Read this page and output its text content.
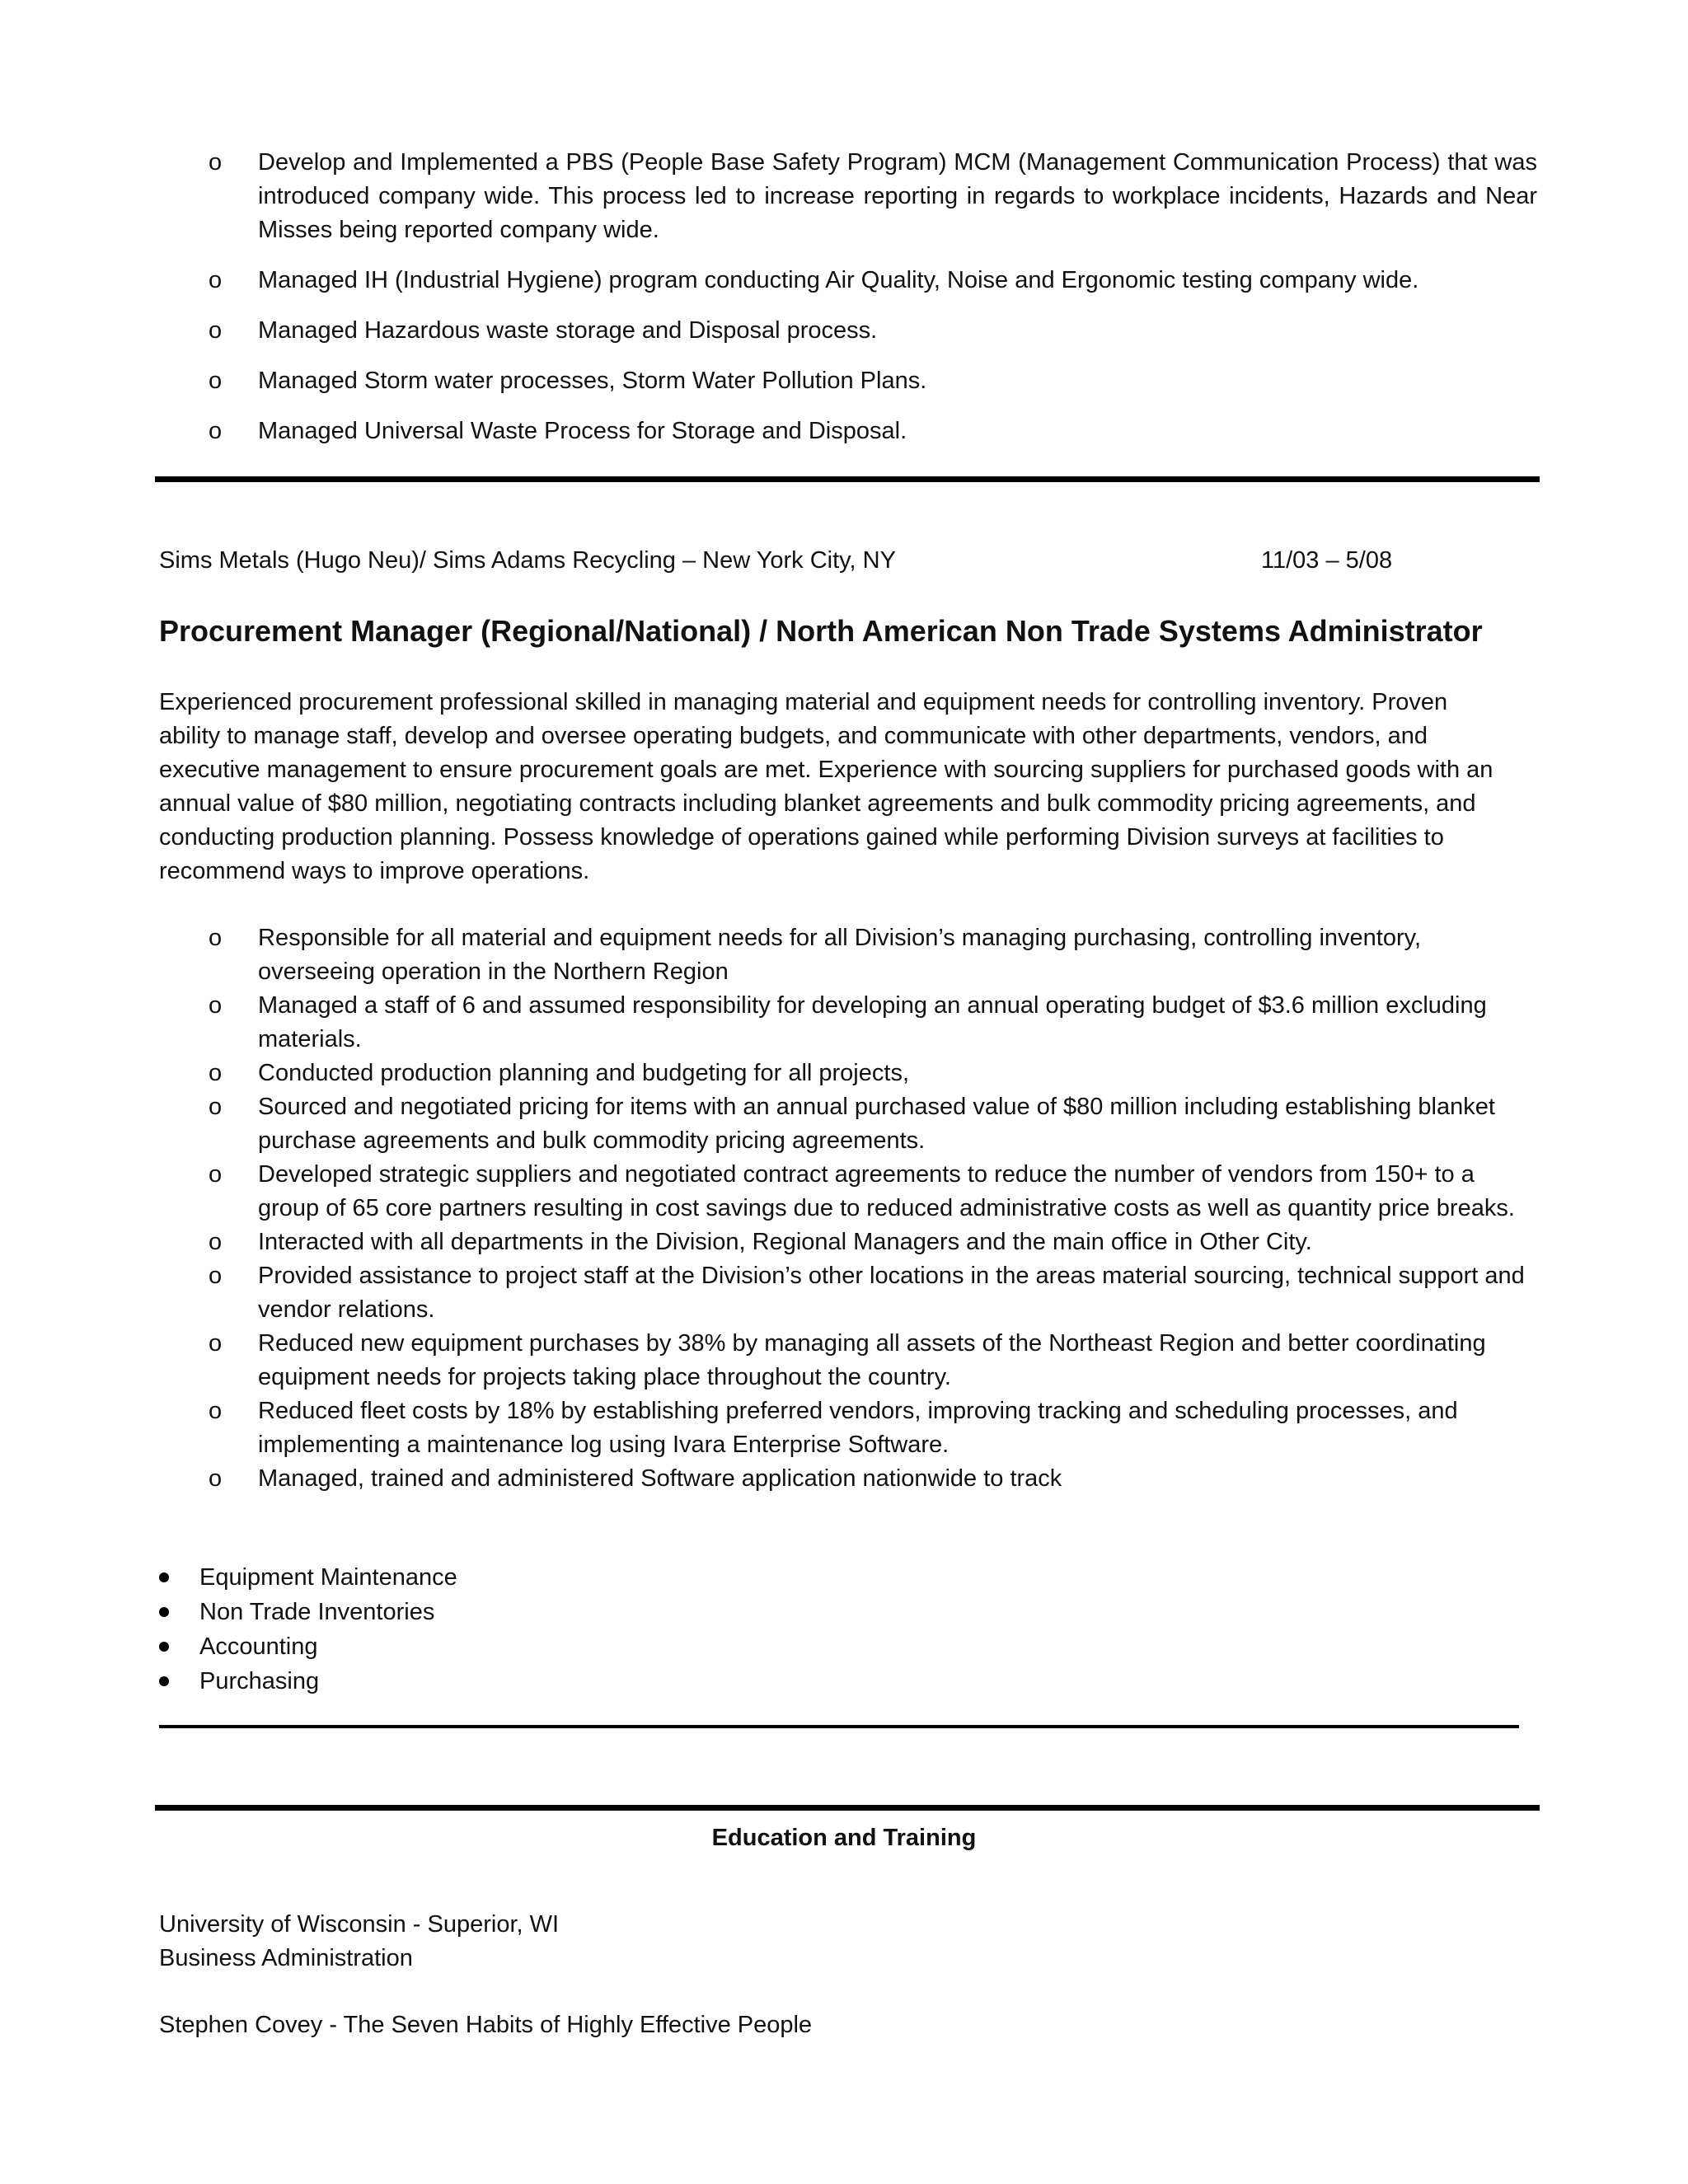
o	Develop and Implemented a PBS (People Base Safety Program) MCM (Management Communication Process) that was introduced company wide. This process led to increase reporting in regards to workplace incidents, Hazards and Near Misses being reported company wide.
o	Managed IH (Industrial Hygiene) program conducting Air Quality, Noise and Ergonomic testing company wide.
o	Managed Hazardous waste storage and Disposal process.
o	Managed Storm water processes, Storm Water Pollution Plans.
o	Managed Universal Waste Process for Storage and Disposal.
Sims Metals (Hugo Neu)/ Sims Adams Recycling – New York City, NY	11/03 – 5/08
Procurement Manager (Regional/National) / North American Non Trade Systems Administrator
Experienced procurement professional skilled in managing material and equipment needs for controlling inventory. Proven ability to manage staff, develop and oversee operating budgets, and communicate with other departments, vendors, and executive management to ensure procurement goals are met. Experience with sourcing suppliers for purchased goods with an annual value of $80 million, negotiating contracts including blanket agreements and bulk commodity pricing agreements, and conducting production planning. Possess knowledge of operations gained while performing Division surveys at facilities to recommend ways to improve operations.
o	Responsible for all material and equipment needs for all Division’s managing purchasing, controlling inventory, overseeing operation in the Northern Region
o	Managed a staff of 6 and assumed responsibility for developing an annual operating budget of $3.6 million excluding materials.
o	Conducted production planning and budgeting for all projects,
o	Sourced and negotiated pricing for items with an annual purchased value of $80 million including establishing blanket purchase agreements and bulk commodity pricing agreements.
o	Developed strategic suppliers and negotiated contract agreements to reduce the number of vendors from 150+ to a group of 65 core partners resulting in cost savings due to reduced administrative costs as well as quantity price breaks.
o	Interacted with all departments in the Division, Regional Managers and the main office in Other City.
o	Provided assistance to project staff at the Division’s other locations in the areas material sourcing, technical support and vendor relations.
o	Reduced new equipment purchases by 38% by managing all assets of the Northeast Region and better coordinating equipment needs for projects taking place throughout the country.
o	Reduced fleet costs by 18% by establishing preferred vendors, improving tracking and scheduling processes, and implementing a maintenance log using Ivara Enterprise Software.
o	Managed, trained and administered Software application nationwide to track
Equipment Maintenance
Non Trade Inventories
Accounting
Purchasing
Education and Training
University of Wisconsin - Superior, WI
Business Administration
Stephen Covey - The Seven Habits of Highly Effective People
